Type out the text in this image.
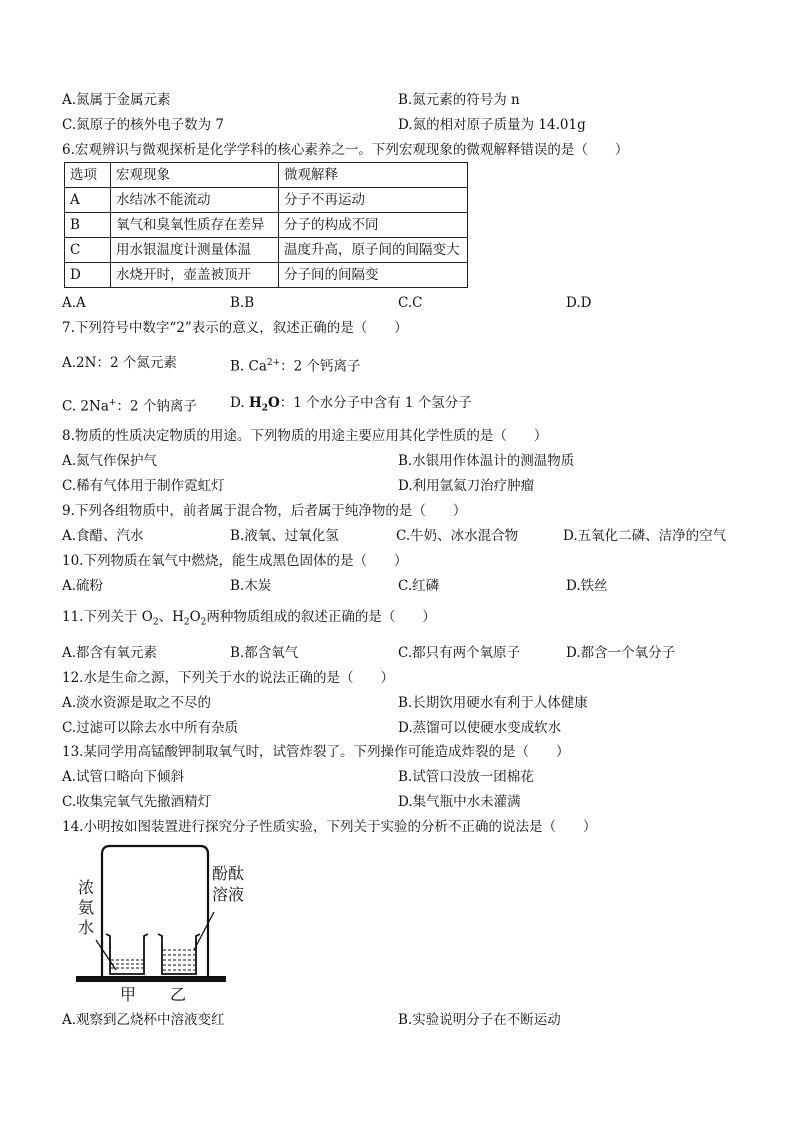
A.氮属于金属元素	B.氮元素的符号为 n
C.氮原子的核外电子数为 7	D.氮的相对原子质量为 14.01g
6.宏观辨识与微观探析是化学学科的核心素养之一。下列宏观现象的微观解释错误的是（　　）
选项	宏观现象	微观解释
A	水结冰不能流动	分子不再运动
B	氧气和臭氧性质存在差异	分子的构成不同
C	用水银温度计测量体温	温度升高，原子间的间隔变大
D	水烧开时，壶盖被顶开	分子间的间隔变
A.A	B.B	C.C	D.D
7.下列符号中数字“2”表示的意义，叙述正确的是（　　）
A.2N：2 个氮元素	B. $Ca^{2+}$：2 个钙离子
C. 2Na+：2 个钠离子 D. $H_2O$：1 个水分子中含有 1 个氢分子
8.物质的性质决定物质的用途。下列物质的用途主要应用其化学性质的是（　　）
A.氮气作保护气	B.水银用作体温计的测温物质
C.稀有气体用于制作霓虹灯	D.利用氩氦刀治疗肿瘤
9.下列各组物质中，前者属于混合物，后者属于纯净物的是（　　）
A.食醋、汽水	B.液氧、过氧化氢	C.牛奶、冰水混合物	D.五氧化二磷、洁净的空气
10.下列物质在氧气中燃烧，能生成黑色固体的是（　　）
A.硫粉	B.木炭	C.红磷	D.铁丝
11.下列关于 $O_2$、$H_2O_2$两种物质组成的叙述正确的是（　　）
A.都含有氧元素	B.都含氧气	C.都只有两个氧原子	D.都含一个氧分子
12.水是生命之源，下列关于水的说法正确的是（　　）
A.淡水资源是取之不尽的	B.长期饮用硬水有利于人体健康
C.过滤可以除去水中所有杂质	D.蒸馏可以使硬水变成软水
13.某同学用高锰酸钾制取氧气时，试管炸裂了。下列操作可能造成炸裂的是（　　）
A.试管口略向下倾斜	B.试管口没放一团棉花
C.收集完氧气先撤酒精灯	D.集气瓶中水未灌满
14.小明按如图装置进行探究分子性质实验，下列关于实验的分析不正确的说法是（　　）
浓
氨
水
酚酞
溶液
甲 乙
A.观察到乙烧杯中溶液变红	B.实验说明分子在不断运动
